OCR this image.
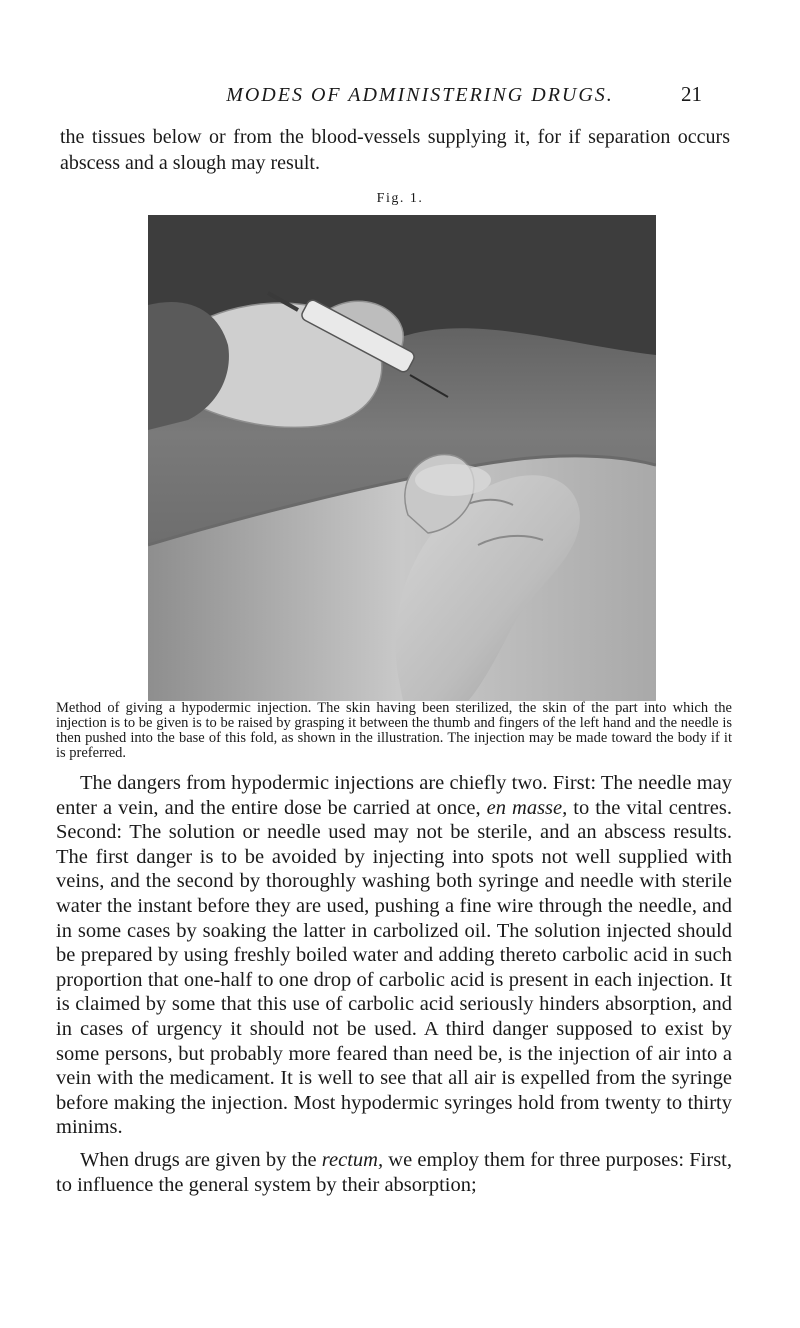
MODES OF ADMINISTERING DRUGS.	21
the tissues below or from the blood-vessels supplying it, for if separation occurs abscess and a slough may result.
Fig. 1.
Method of giving a hypodermic injection. The skin having been sterilized, the skin of the part into which the injection is to be given is to be raised by grasping it between the thumb and fingers of the left hand and the needle is then pushed into the base of this fold, as shown in the illustration. The injection may be made toward the body if it is preferred.

The dangers from hypodermic injections are chiefly two. First: The needle may enter a vein, and the entire dose be carried at once, en masse, to the vital centres. Second: The solution or needle used may not be sterile, and an abscess results. The first danger is to be avoided by injecting into spots not well supplied with veins, and the second by thoroughly washing both syringe and needle with sterile water the instant before they are used, pushing a fine wire through the needle, and in some cases by soaking the latter in carbolized oil. The solution injected should be prepared by using freshly boiled water and adding thereto carbolic acid in such proportion that one-half to one drop of carbolic acid is present in each injection. It is claimed by some that this use of carbolic acid seriously hinders absorption, and in cases of urgency it should not be used. A third danger supposed to exist by some persons, but probably more feared than need be, is the injection of air into a vein with the medicament. It is well to see that all air is expelled from the syringe before making the injection. Most hypodermic syringes hold from twenty to thirty minims.

When drugs are given by the rectum, we employ them for three purposes: First, to influence the general system by their absorption;
